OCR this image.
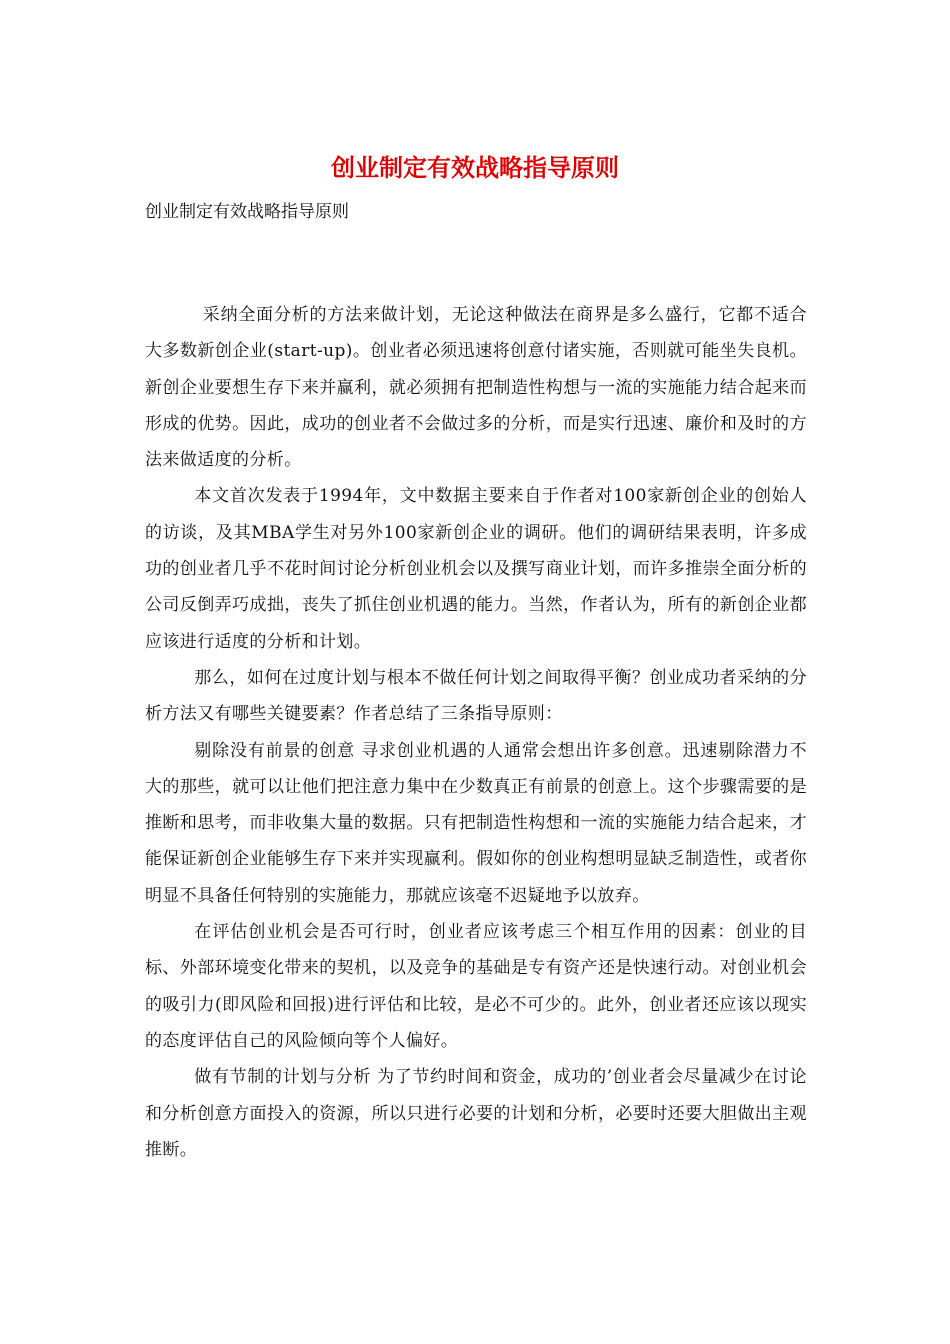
创业制定有效战略指导原则

创业制定有效战略指导原则

采纳全面分析的方法来做计划，无论这种做法在商界是多么盛行，它都不适合大多数新创企业(start-up)。创业者必须迅速将创意付诸实施，否则就可能坐失良机。新创企业要想生存下来并赢利，就必须拥有把制造性构想与一流的实施能力结合起来而形成的优势。因此，成功的创业者不会做过多的分析，而是实行迅速、廉价和及时的方法来做适度的分析。

本文首次发表于1994年，文中数据主要来自于作者对100家新创企业的创始人的访谈，及其MBA学生对另外100家新创企业的调研。他们的调研结果表明，许多成功的创业者几乎不花时间讨论分析创业机会以及撰写商业计划，而许多推崇全面分析的公司反倒弄巧成拙，丧失了抓住创业机遇的能力。当然，作者认为，所有的新创企业都应该进行适度的分析和计划。

那么，如何在过度计划与根本不做任何计划之间取得平衡？创业成功者采纳的分析方法又有哪些关键要素？作者总结了三条指导原则：

剔除没有前景的创意 寻求创业机遇的人通常会想出许多创意。迅速剔除潜力不大的那些，就可以让他们把注意力集中在少数真正有前景的创意上。这个步骤需要的是推断和思考，而非收集大量的数据。只有把制造性构想和一流的实施能力结合起来，才能保证新创企业能够生存下来并实现赢利。假如你的创业构想明显缺乏制造性，或者你明显不具备任何特别的实施能力，那就应该毫不迟疑地予以放弃。

在评估创业机会是否可行时，创业者应该考虑三个相互作用的因素：创业的目标、外部环境变化带来的契机，以及竞争的基础是专有资产还是快速行动。对创业机会的吸引力(即风险和回报)进行评估和比较，是必不可少的。此外，创业者还应该以现实的态度评估自己的风险倾向等个人偏好。

做有节制的计划与分析 为了节约时间和资金，成功的’创业者会尽量减少在讨论和分析创意方面投入的资源，所以只进行必要的计划和分析，必要时还要大胆做出主观推断。
